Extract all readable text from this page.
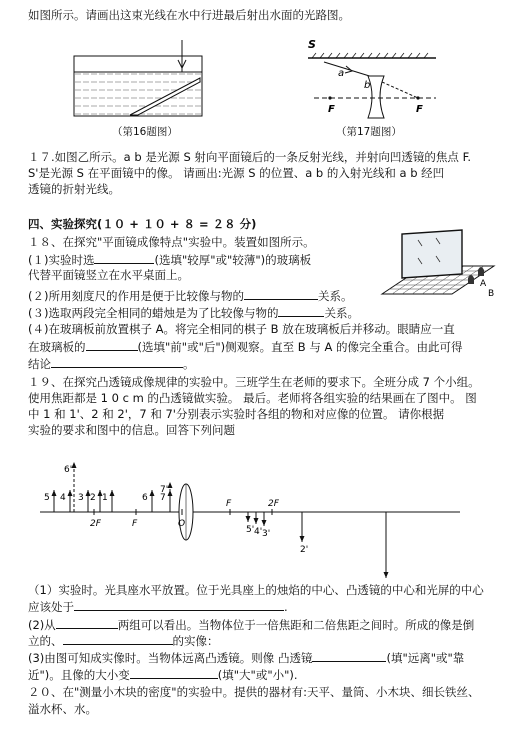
如图所示。请画出这束光线在水中行进最后射出水面的光路图。
（第16题图）
S
a
b
F	F
（第17题图）
１７.如图乙所示。a b 是光源 S 射向平面镜后的一条反射光线，并射向凹透镜的焦点 F.
S'是光源 S 在平面镜中的像。 请画出:光源 S 的位置、a b 的入射光线和 a b 经凹
透镜的折射光线。
四、实验探究(１０ + １０ + ８ = ２８ 分)
１８、在探究"平面镜成像特点"实验中。装置如图所示。
(１)实验时选	(选填"较厚"或"较薄")的玻璃板
代替平面镜竖立在水平桌面上。
(２)所用刻度尺的作用是便于比较像与物的	关系。
(３)选取两段完全相同的蜡烛是为了比较像与物的	关系。
(４)在玻璃板前放置棋子 A。将完全相同的棋子 B 放在玻璃板后并移动。眼睛应一直
在玻璃板的	(选填"前"或"后")侧观察。直至 B 与 A 的像完全重合。由此可得
结论	。
A
B
１９、在探究凸透镜成像规律的实验中。三班学生在老师的要求下。全班分成 7 个小组。
使用焦距都是 1 0 c m 的凸透镜做实验。 最后。老师将各组实验的结果画在了图中。 图
中 1 和 1'、2 和 2'，7 和 7'分别表示实验时各组的物和对应像的位置。 请你根据
实验的要求和图中的信息。回答下列问题
2F	F	O
F	2F
5 4 3 2 1	6
6'
7'
7
5' 4' 3'
2'
（1）实验时。光具座水平放置。位于光具座上的烛焰的中心、凸透镜的中心和光屏的中心
应该处于	.
(2)从	两组可以看出。当物体位于一倍焦距和二倍焦距之间时。所成的像是倒
立的、	的实像：
(3)由图可知成实像时。当物体远离凸透镜。则像 凸透镜	(填"远离"或"靠
近")。且像的大小变	(填"大"或"小").
２０、在"测量小木块的密度"的实验中。提供的器材有:天平、量筒、小木块、细长铁丝、
溢水杯、水。
